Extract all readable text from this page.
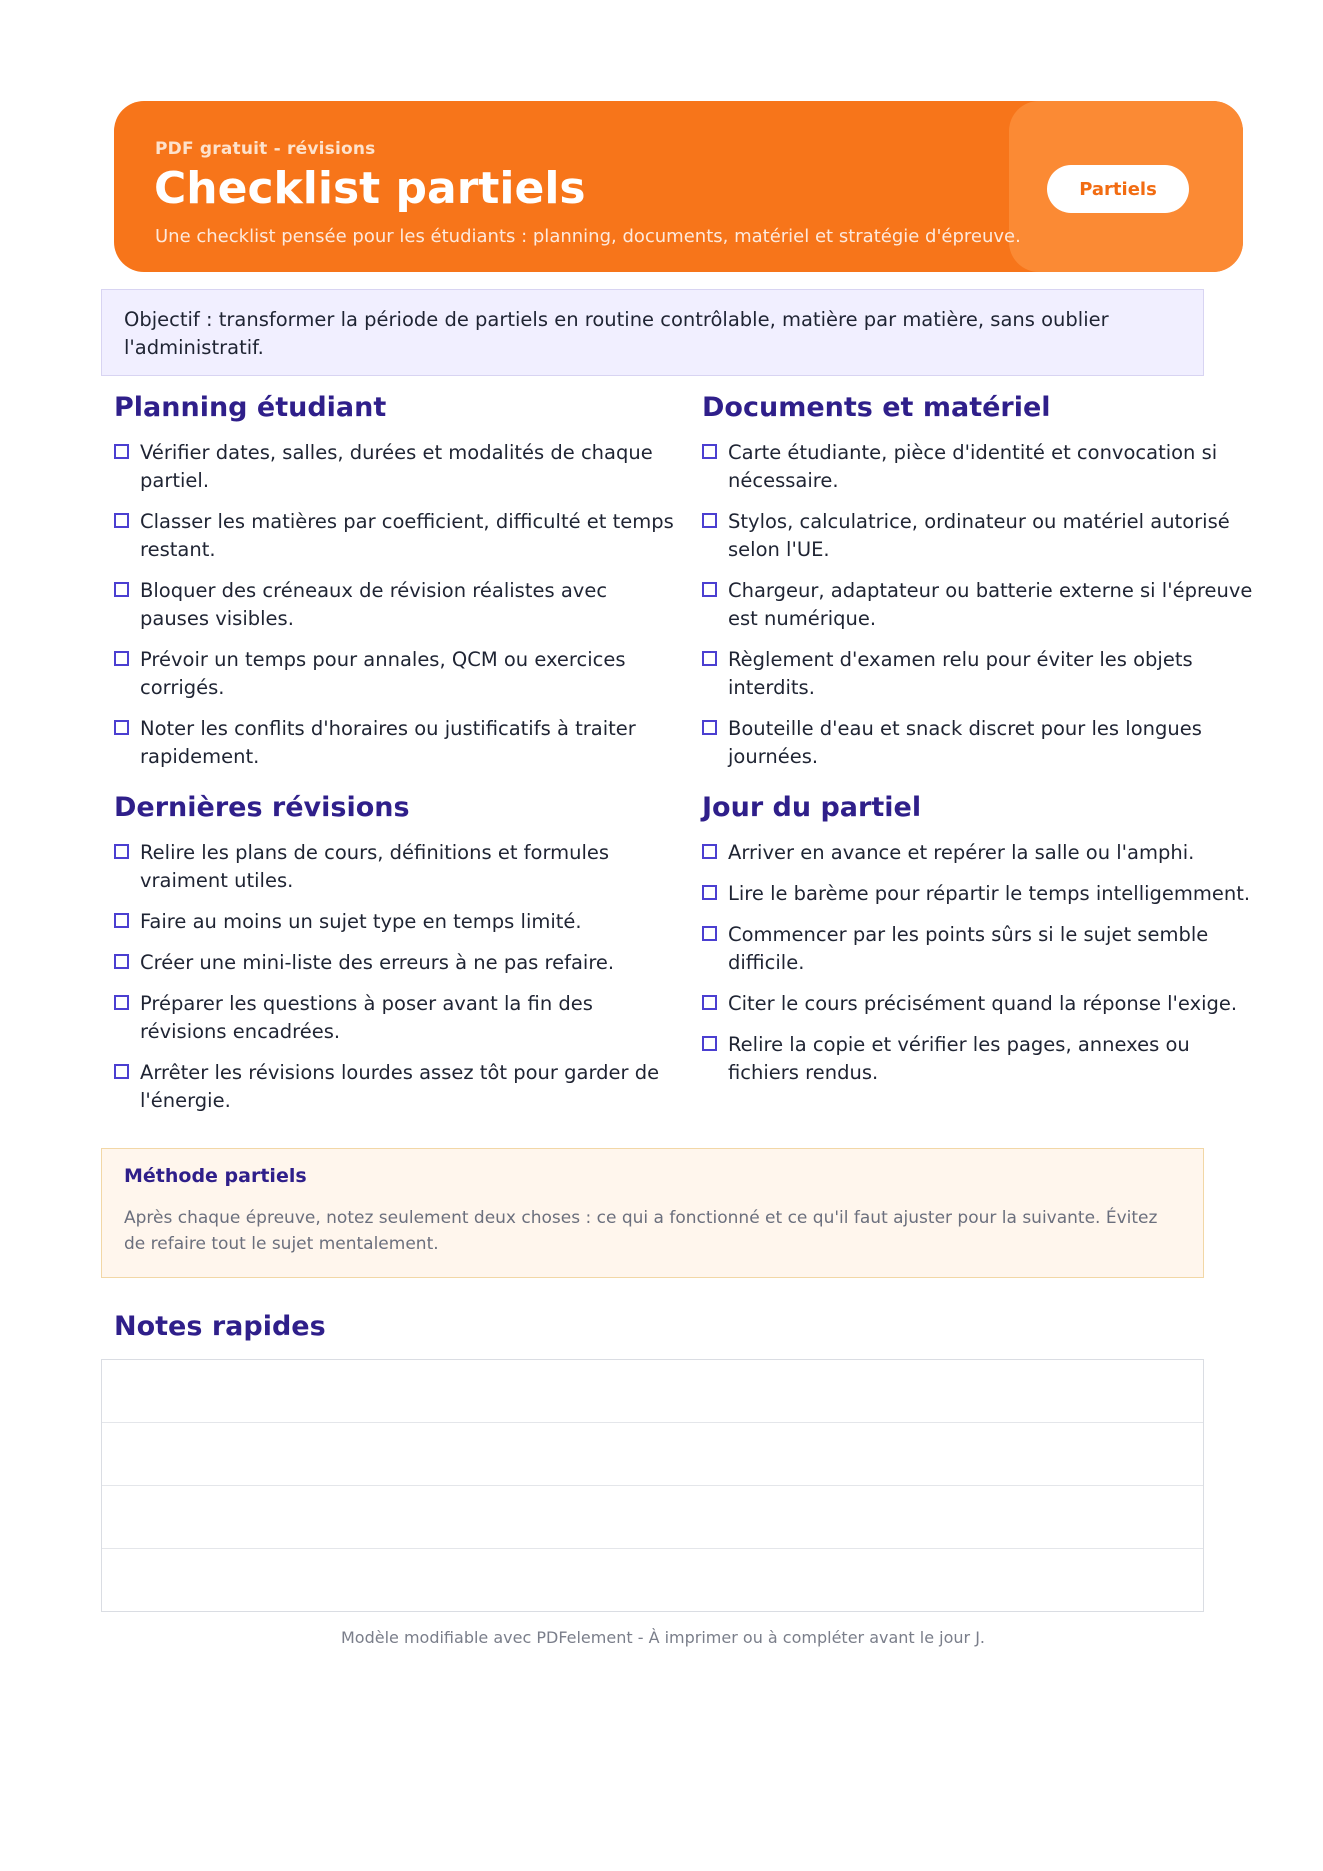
PDF gratuit - révisions
Checklist partiels
Une checklist pensée pour les étudiants : planning, documents, matériel et stratégie d'épreuve.
Partiels
Objectif : transformer la période de partiels en routine contrôlable, matière par matière, sans oublier l'administratif.
Planning étudiant
Vérifier dates, salles, durées et modalités de chaque partiel.
Classer les matières par coefficient, difficulté et temps restant.
Bloquer des créneaux de révision réalistes avec pauses visibles.
Prévoir un temps pour annales, QCM ou exercices corrigés.
Noter les conflits d'horaires ou justificatifs à traiter rapidement.
Documents et matériel
Carte étudiante, pièce d'identité et convocation si nécessaire.
Stylos, calculatrice, ordinateur ou matériel autorisé selon l'UE.
Chargeur, adaptateur ou batterie externe si l'épreuve est numérique.
Règlement d'examen relu pour éviter les objets interdits.
Bouteille d'eau et snack discret pour les longues journées.
Dernières révisions
Relire les plans de cours, définitions et formules vraiment utiles.
Faire au moins un sujet type en temps limité.
Créer une mini-liste des erreurs à ne pas refaire.
Préparer les questions à poser avant la fin des révisions encadrées.
Arrêter les révisions lourdes assez tôt pour garder de l'énergie.
Jour du partiel
Arriver en avance et repérer la salle ou l'amphi.
Lire le barème pour répartir le temps intelligemment.
Commencer par les points sûrs si le sujet semble difficile.
Citer le cours précisément quand la réponse l'exige.
Relire la copie et vérifier les pages, annexes ou fichiers rendus.
Méthode partiels
Après chaque épreuve, notez seulement deux choses : ce qui a fonctionné et ce qu'il faut ajuster pour la suivante. Évitez de refaire tout le sujet mentalement.
Notes rapides
Modèle modifiable avec PDFelement - À imprimer ou à compléter avant le jour J.
